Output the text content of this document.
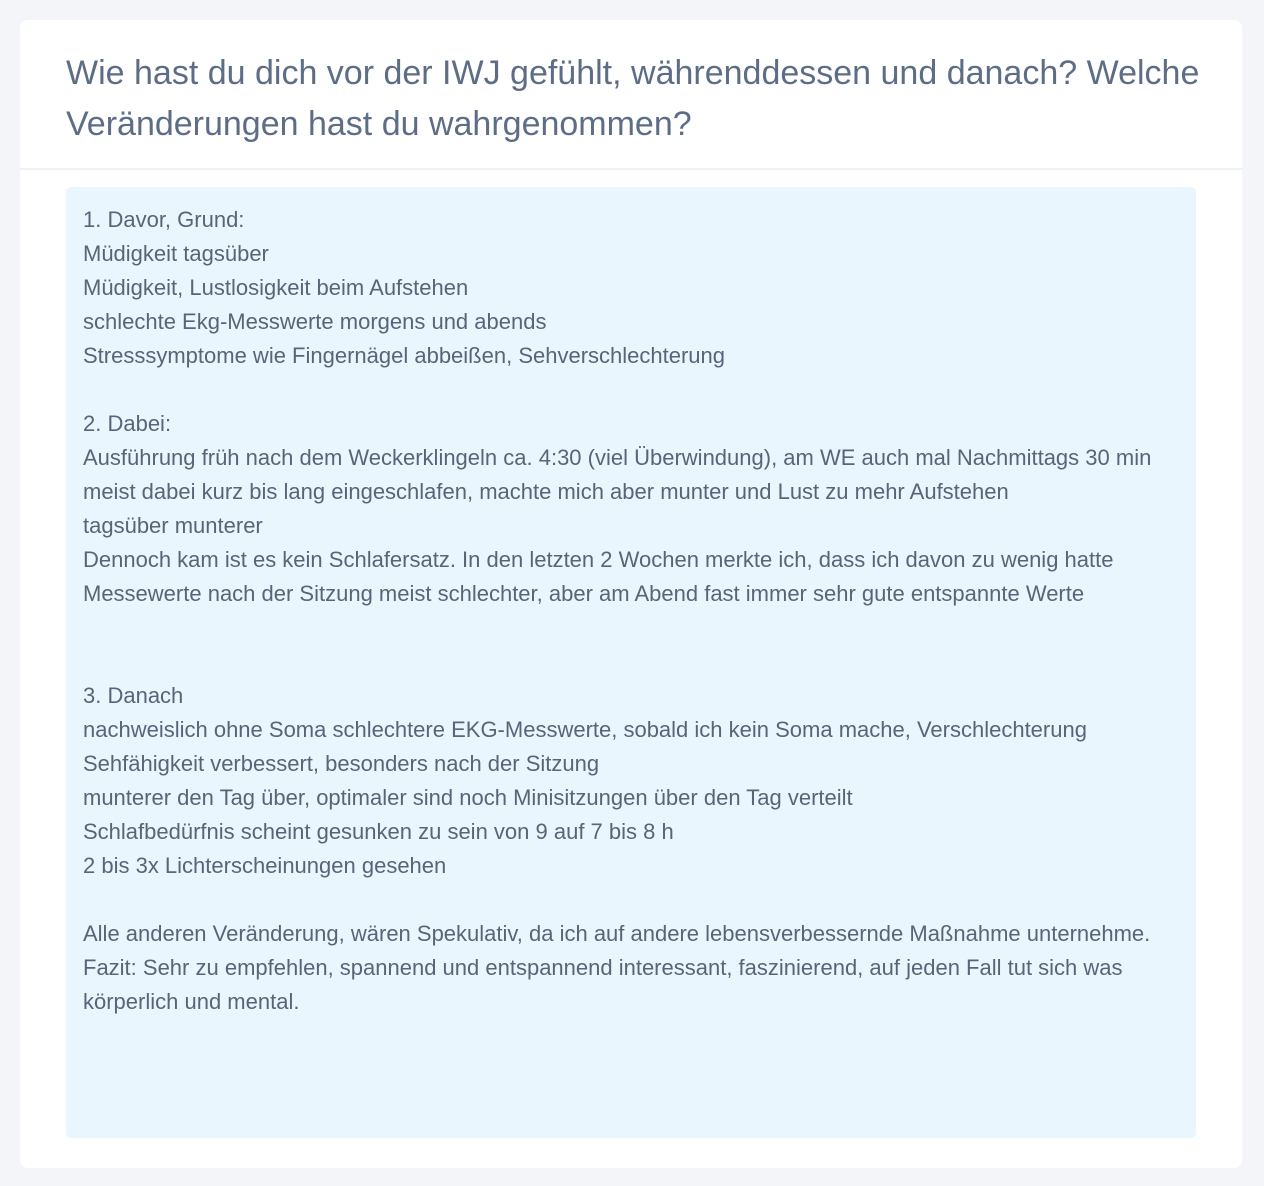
Wie hast du dich vor der IWJ gefühlt, währenddessen und danach? Welche Veränderungen hast du wahrgenommen?

1. Davor, Grund:
Müdigkeit tagsüber
Müdigkeit, Lustlosigkeit beim Aufstehen
schlechte Ekg-Messwerte morgens und abends
Stresssymptome wie Fingernägel abbeißen, Sehverschlechterung

2. Dabei:
Ausführung früh nach dem Weckerklingeln ca. 4:30 (viel Überwindung), am WE auch mal Nachmittags 30 min
meist dabei kurz bis lang eingeschlafen, machte mich aber munter und Lust zu mehr Aufstehen
tagsüber munterer
Dennoch kam ist es kein Schlafersatz. In den letzten 2 Wochen merkte ich, dass ich davon zu wenig hatte
Messewerte nach der Sitzung meist schlechter, aber am Abend fast immer sehr gute entspannte Werte

3. Danach
nachweislich ohne Soma schlechtere EKG-Messwerte, sobald ich kein Soma mache, Verschlechterung
Sehfähigkeit verbessert, besonders nach der Sitzung
munterer den Tag über, optimaler sind noch Minisitzungen über den Tag verteilt
Schlafbedürfnis scheint gesunken zu sein von 9 auf 7 bis 8 h
2 bis 3x Lichterscheinungen gesehen

Alle anderen Veränderung, wären Spekulativ, da ich auf andere lebensverbessernde Maßnahme unternehme.
Fazit: Sehr zu empfehlen, spannend und entspannend interessant, faszinierend, auf jeden Fall tut sich was körperlich und mental.
